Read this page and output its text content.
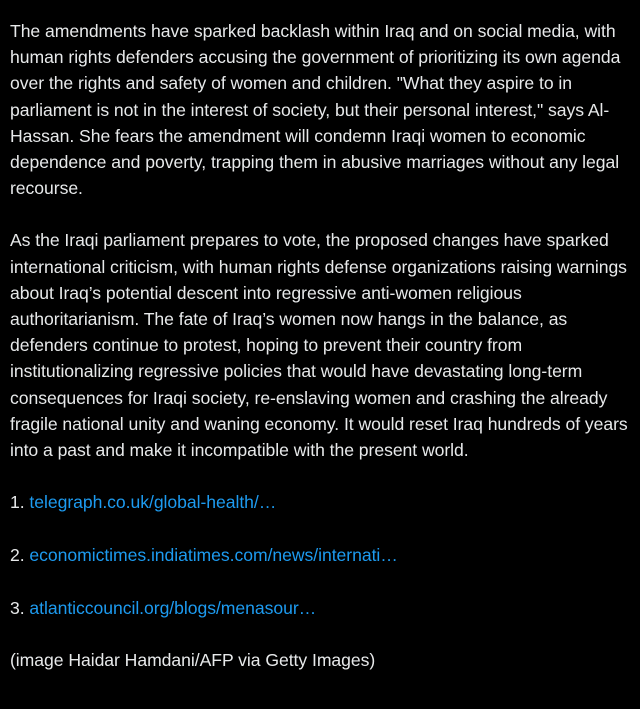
The amendments have sparked backlash within Iraq and on social media, with human rights defenders accusing the government of prioritizing its own agenda over the rights and safety of women and children. "What they aspire to in parliament is not in the interest of society, but their personal interest," says Al-Hassan. She fears the amendment will condemn Iraqi women to economic dependence and poverty, trapping them in abusive marriages without any legal recourse.

As the Iraqi parliament prepares to vote, the proposed changes have sparked international criticism, with human rights defense organizations raising warnings about Iraq’s potential descent into regressive anti-women religious authoritarianism. The fate of Iraq’s women now hangs in the balance, as defenders continue to protest, hoping to prevent their country from institutionalizing regressive policies that would have devastating long-term consequences for Iraqi society, re-enslaving women and crashing the already fragile national unity and waning economy. It would reset Iraq hundreds of years into a past and make it incompatible with the present world.

1. telegraph.co.uk/global-health/…
2. economictimes.indiatimes.com/news/internati…
3. atlanticcouncil.org/blogs/menasour…

(image Haidar Hamdani/AFP via Getty Images)
